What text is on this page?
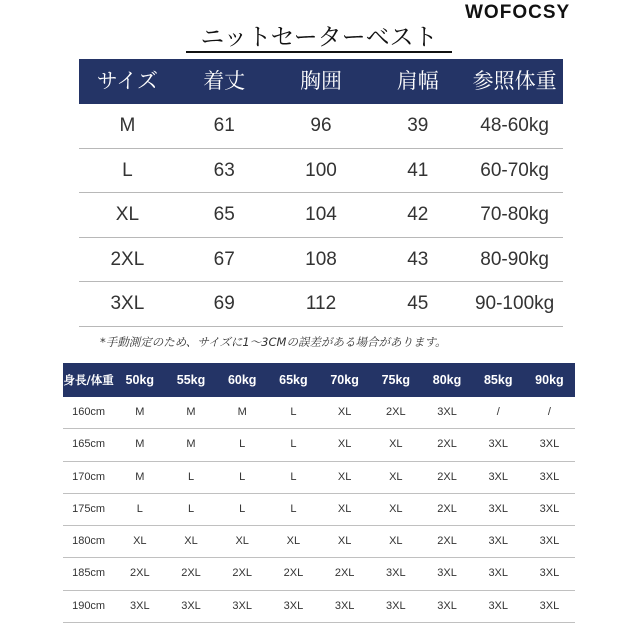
WOFOCSY
ニットセーターベスト
サイズ	着丈	胸囲	肩幅	参照体重
M	61	96	39	48-60kg
L	63	100	41	60-70kg
XL	65	104	42	70-80kg
2XL	67	108	43	80-90kg
3XL	69	112	45	90-100kg
*手動測定のため、サイズに1～3CMの誤差がある場合があります。
身長/体重 50kg	55kg	60kg	65kg	70kg	75kg	80kg	85kg	90kg
160cm	M	M	M	L	XL	2XL	3XL	/	/
165cm	M	M	L	L	XL	XL	2XL	3XL	3XL
170cm	M	L	L	L	XL	XL	2XL	3XL	3XL
175cm	L	L	L	L	XL	XL	2XL	3XL	3XL
180cm	XL	XL	XL	XL	XL	XL	2XL	3XL	3XL
185cm	2XL	2XL	2XL	2XL	2XL	3XL	3XL	3XL	3XL
190cm	3XL	3XL	3XL	3XL	3XL	3XL	3XL	3XL	3XL
